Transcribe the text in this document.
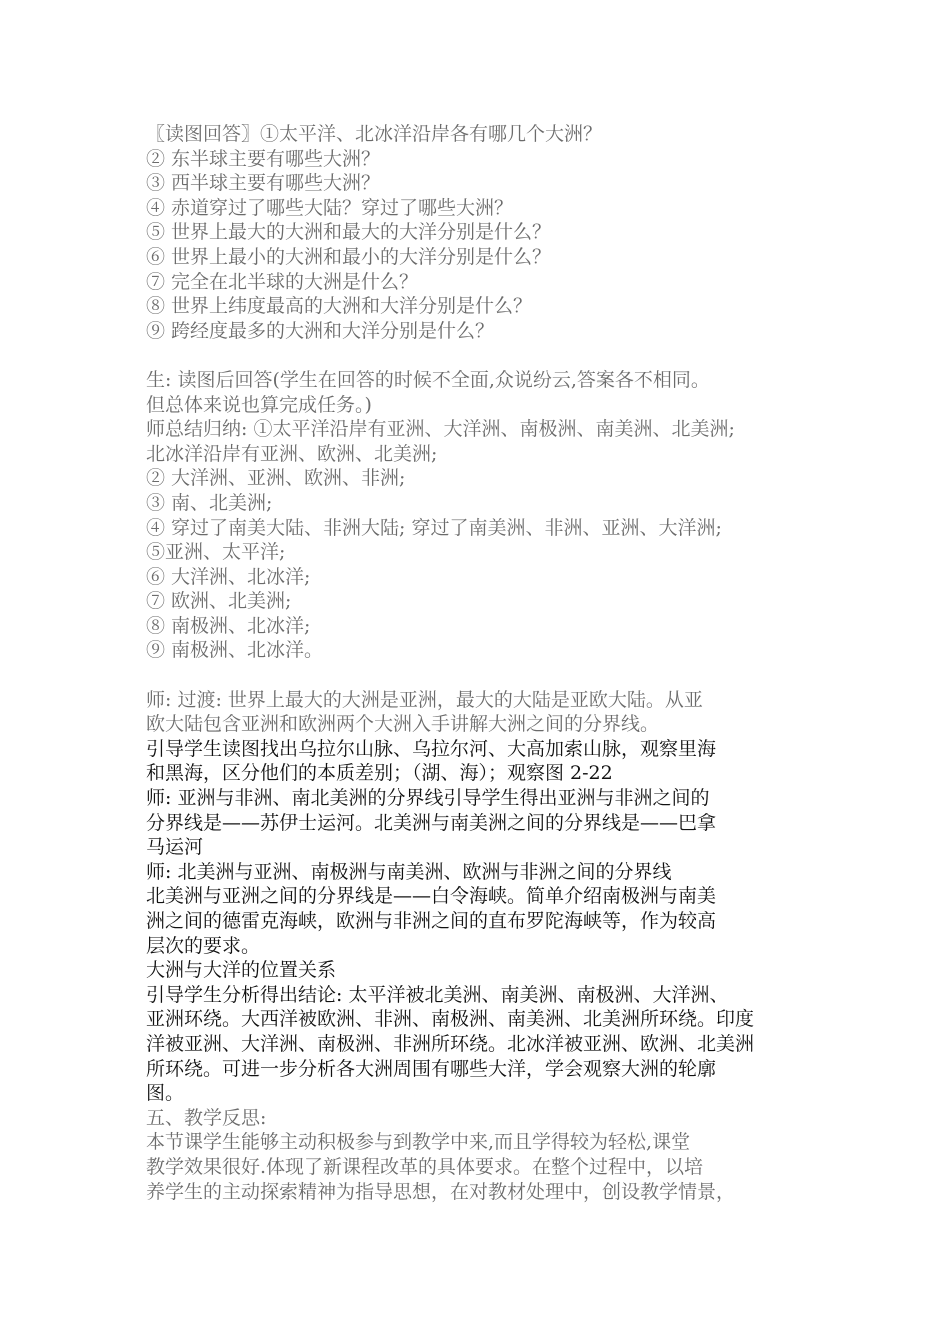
〖读图回答〗①太平洋、北冰洋沿岸各有哪几个大洲？
② 东半球主要有哪些大洲？
③ 西半球主要有哪些大洲？
④ 赤道穿过了哪些大陆？穿过了哪些大洲？
⑤ 世界上最大的大洲和最大的大洋分别是什么？
⑥ 世界上最小的大洲和最小的大洋分别是什么？
⑦ 完全在北半球的大洲是什么？
⑧ 世界上纬度最高的大洲和大洋分别是什么？
⑨ 跨经度最多的大洲和大洋分别是什么？
生: 读图后回答(学生在回答的时候不全面,众说纷云,答案各不相同。
但总体来说也算完成任务。)
师总结归纳: ①太平洋沿岸有亚洲、大洋洲、南极洲、南美洲、北美洲;
北冰洋沿岸有亚洲、欧洲、北美洲;
② 大洋洲、亚洲、欧洲、非洲;
③ 南、北美洲;
④ 穿过了南美大陆、非洲大陆; 穿过了南美洲、非洲、亚洲、大洋洲;
⑤亚洲、太平洋;
⑥ 大洋洲、北冰洋;
⑦ 欧洲、北美洲;
⑧ 南极洲、北冰洋;
⑨ 南极洲、北冰洋。
师: 过渡: 世界上最大的大洲是亚洲，最大的大陆是亚欧大陆。从亚
欧大陆包含亚洲和欧洲两个大洲入手讲解大洲之间的分界线。
引导学生读图找出乌拉尔山脉、乌拉尔河、大高加索山脉，观察里海
和黑海，区分他们的本质差别；（湖、海）；观察图 2-22
师: 亚洲与非洲、南北美洲的分界线引导学生得出亚洲与非洲之间的
分界线是——苏伊士运河。北美洲与南美洲之间的分界线是——巴拿
马运河
师: 北美洲与亚洲、南极洲与南美洲、欧洲与非洲之间的分界线
北美洲与亚洲之间的分界线是——白令海峡。简单介绍南极洲与南美
洲之间的德雷克海峡，欧洲与非洲之间的直布罗陀海峡等，作为较高
层次的要求。
大洲与大洋的位置关系
引导学生分析得出结论: 太平洋被北美洲、南美洲、南极洲、大洋洲、
亚洲环绕。大西洋被欧洲、非洲、南极洲、南美洲、北美洲所环绕。印度
洋被亚洲、大洋洲、南极洲、非洲所环绕。北冰洋被亚洲、欧洲、北美洲
所环绕。可进一步分析各大洲周围有哪些大洋，学会观察大洲的轮廓
图。
五、教学反思:
本节课学生能够主动积极参与到教学中来,而且学得较为轻松,课堂
教学效果很好.体现了新课程改革的具体要求。在整个过程中，以培
养学生的主动探索精神为指导思想，在对教材处理中，创设教学情景，
